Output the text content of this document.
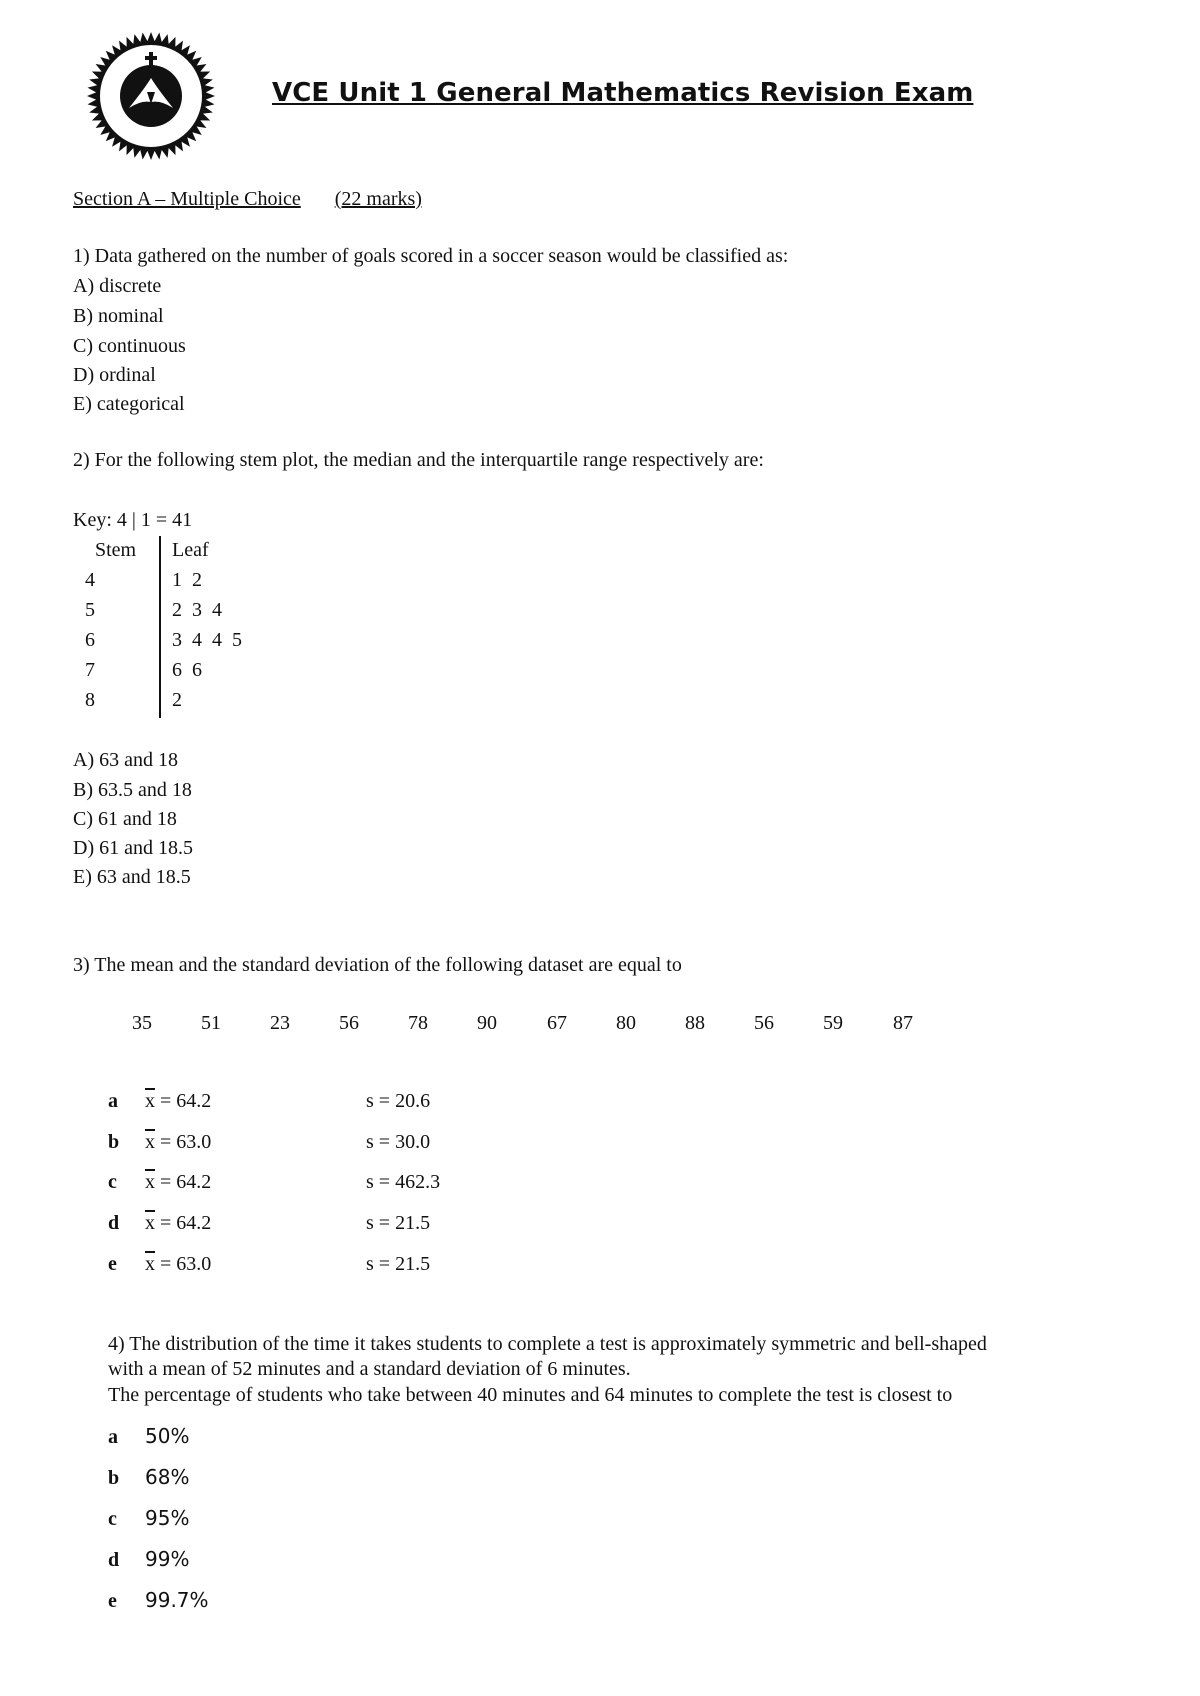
VCE Unit 1 General Mathematics Revision Exam
Section A – Multiple Choice (22 marks)
1) Data gathered on the number of goals scored in a soccer season would be classified as:
A) discrete
B) nominal
C) continuous
D) ordinal
E) categorical
2) For the following stem plot, the median and the interquartile range respectively are:
Key: 4 | 1 = 41
Stem Leaf
4	1  2
5	2  3  4
6	3  4  4  5
7	6  6
8	2
A) 63 and 18
B) 63.5 and 18
C) 61 and 18
D) 61 and 18.5
E) 63 and 18.5
3) The mean and the standard deviation of the following dataset are equal to
35 51 23 56 78 90	67 80 88 56 59	87
a $\overline{x} = 64.2$	s = 20.6
b $\overline{x} = 63.0$	s = 30.0
c $\overline{x} = 64.2$	s = 462.3
d $\overline{x} = 64.2$	s = 21.5
e $\overline{x} = 63.0$	s = 21.5
4) The distribution of the time it takes students to complete a test is approximately symmetric and bell-shaped
with a mean of 52 minutes and a standard deviation of 6 minutes.
The percentage of students who take between 40 minutes and 64 minutes to complete the test is closest to
a 50%
b 68%
c 95%
d 99%
e 99.7%
